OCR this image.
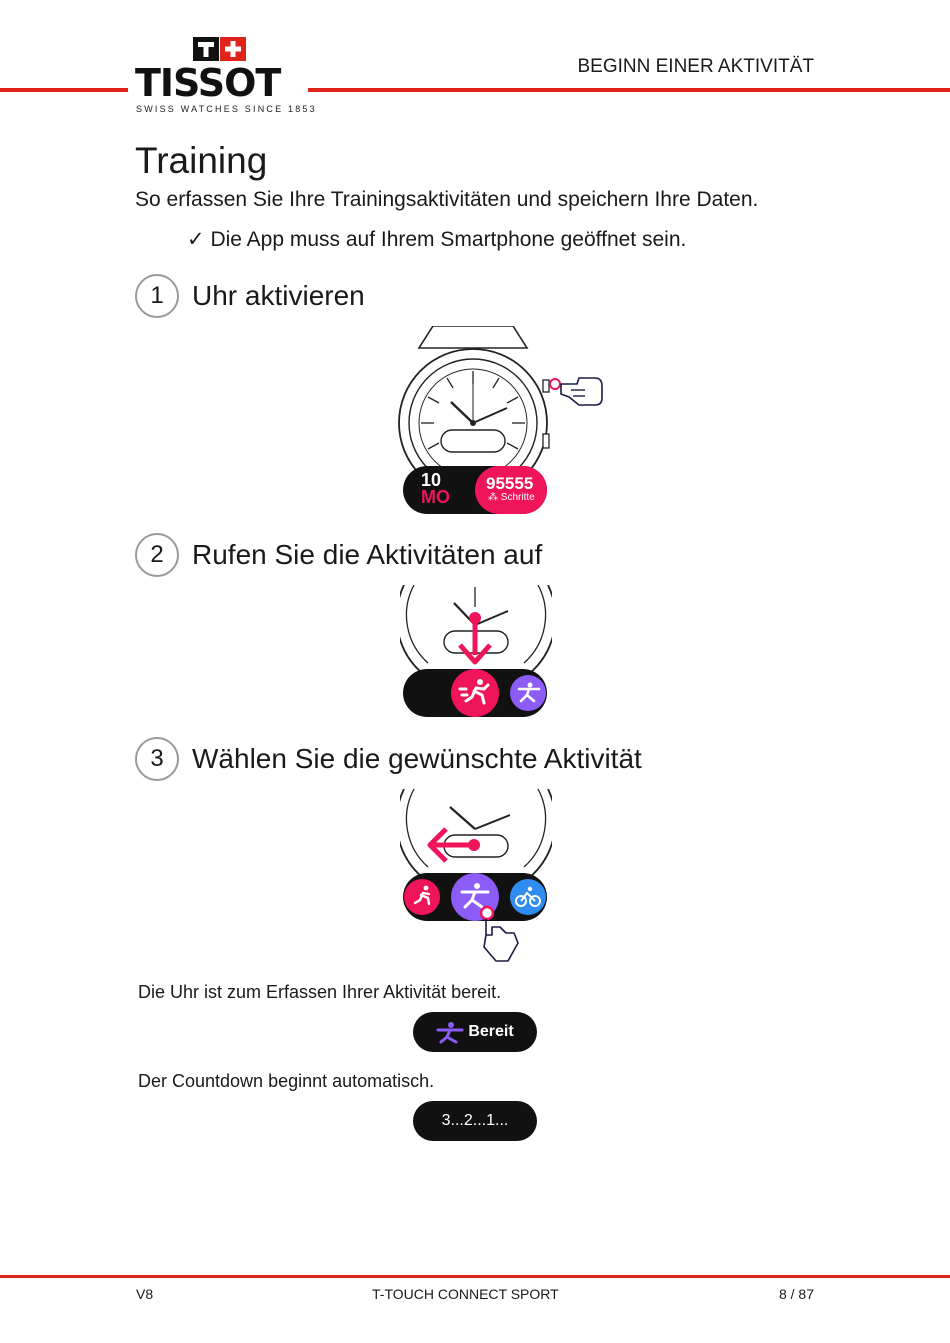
TISSOT
SWISS WATCHES SINCE 1853
BEGINN EINER AKTIVITÄT
Training
So erfassen Sie Ihre Trainingsaktivitäten und speichern Ihre Daten.
✓ Die App muss auf Ihrem Smartphone geöffnet sein.
1	Uhr aktivieren
10
MO
95555
⁂ Schritte
2	Rufen Sie die Aktivitäten auf
3	Wählen Sie die gewünschte Aktivität
Die Uhr ist zum Erfassen Ihrer Aktivität bereit.
Bereit
Der Countdown beginnt automatisch.
3...2...1...
V8	T-TOUCH CONNECT SPORT	8 / 87
